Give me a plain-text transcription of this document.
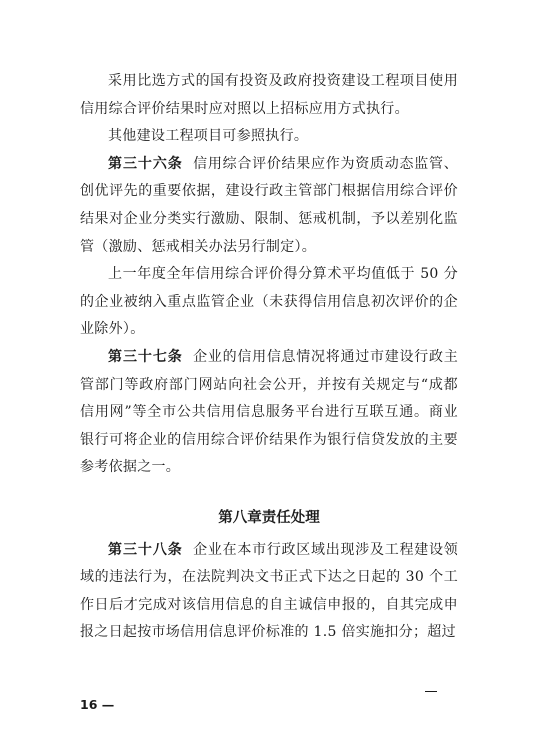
采用比选方式的国有投资及政府投资建设工程项目使用信用综合评价结果时应对照以上招标应用方式执行。

其他建设工程项目可参照执行。

第三十六条 信用综合评价结果应作为资质动态监管、创优评先的重要依据，建设行政主管部门根据信用综合评价结果对企业分类实行激励、限制、惩戒机制，予以差别化监管（激励、惩戒相关办法另行制定）。

上一年度全年信用综合评价得分算术平均值低于 50 分的企业被纳入重点监管企业（未获得信用信息初次评价的企业除外）。

第三十七条 企业的信用信息情况将通过市建设行政主管部门等政府部门网站向社会公开，并按有关规定与“成都信用网”等全市公共信用信息服务平台进行互联互通。商业银行可将企业的信用综合评价结果作为银行信贷发放的主要参考依据之一。

第八章责任处理

第三十八条 企业在本市行政区域出现涉及工程建设领域的违法行为，在法院判决文书正式下达之日起的 30 个工作日后才完成对该信用信息的自主诚信申报的，自其完成申报之日起按市场信用信息评价标准的 1.5 倍实施扣分；超过

16 —
